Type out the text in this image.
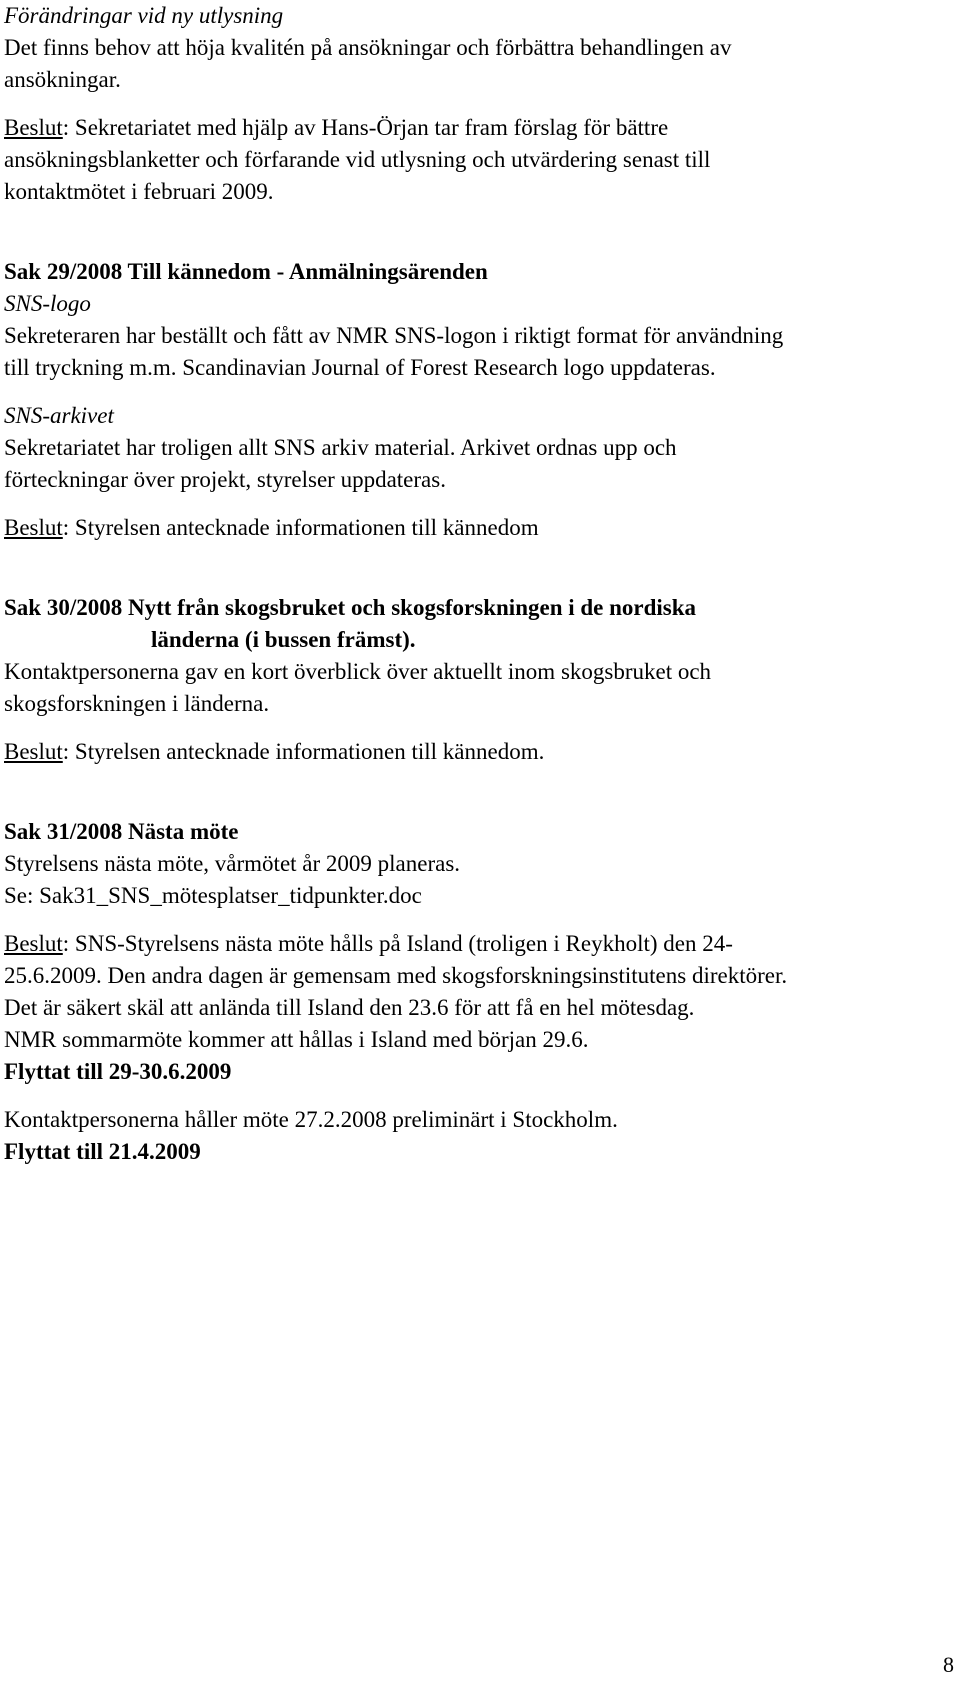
Förändringar vid ny utlysning
Det finns behov att höja kvalitén på ansökningar och förbättra behandlingen av
ansökningar.
Beslut: Sekretariatet med hjälp av Hans-Örjan tar fram förslag för bättre
ansökningsblanketter och förfarande vid utlysning och utvärdering senast till
kontaktmötet i februari 2009.
Sak 29/2008 Till kännedom - Anmälningsärenden
SNS-logo
Sekreteraren har beställt och fått av NMR SNS-logon i riktigt format för användning
till tryckning m.m. Scandinavian Journal of Forest Research logo uppdateras.
SNS-arkivet
Sekretariatet har troligen allt SNS arkiv material. Arkivet ordnas upp och
förteckningar över projekt, styrelser uppdateras.
Beslut: Styrelsen antecknade informationen till kännedom
Sak 30/2008 Nytt från skogsbruket och skogsforskningen i de nordiska
länderna (i bussen främst).
Kontaktpersonerna gav en kort överblick över aktuellt inom skogsbruket och
skogsforskningen i länderna.
Beslut: Styrelsen antecknade informationen till kännedom.
Sak 31/2008 Nästa möte
Styrelsens nästa möte, vårmötet år 2009 planeras.
Se: Sak31_SNS_mötesplatser_tidpunkter.doc
Beslut: SNS-Styrelsens nästa möte hålls på Island (troligen i Reykholt) den 24-
25.6.2009. Den andra dagen är gemensam med skogsforskningsinstitutens direktörer.
Det är säkert skäl att anlända till Island den 23.6 för att få en hel mötesdag.
NMR sommarmöte kommer att hållas i Island med början 29.6.
Flyttat till 29-30.6.2009
Kontaktpersonerna håller möte 27.2.2008 preliminärt i Stockholm.
Flyttat till 21.4.2009
8
